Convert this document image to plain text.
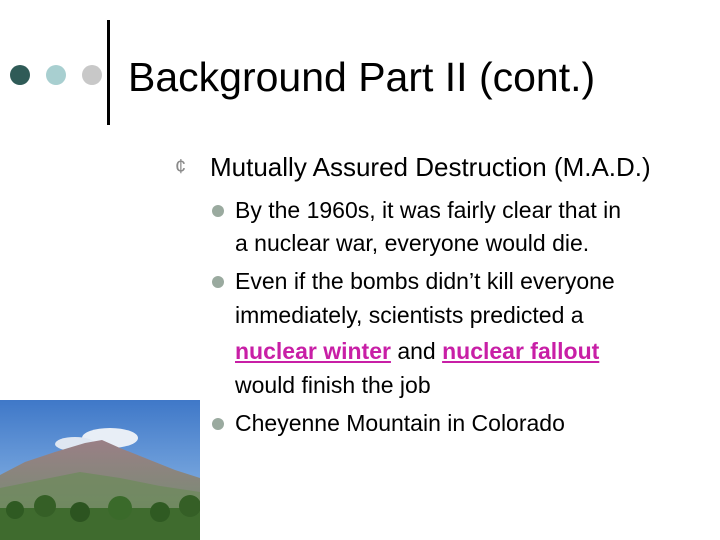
Background Part II (cont.)
¢ Mutually Assured Destruction (M.A.D.)
By the 1960s, it was fairly clear that in
a nuclear war, everyone would die.
Even if the bombs didn’t kill everyone
immediately, scientists predicted a
nuclear winter and nuclear fallout
would finish the job
Cheyenne Mountain in Colorado
